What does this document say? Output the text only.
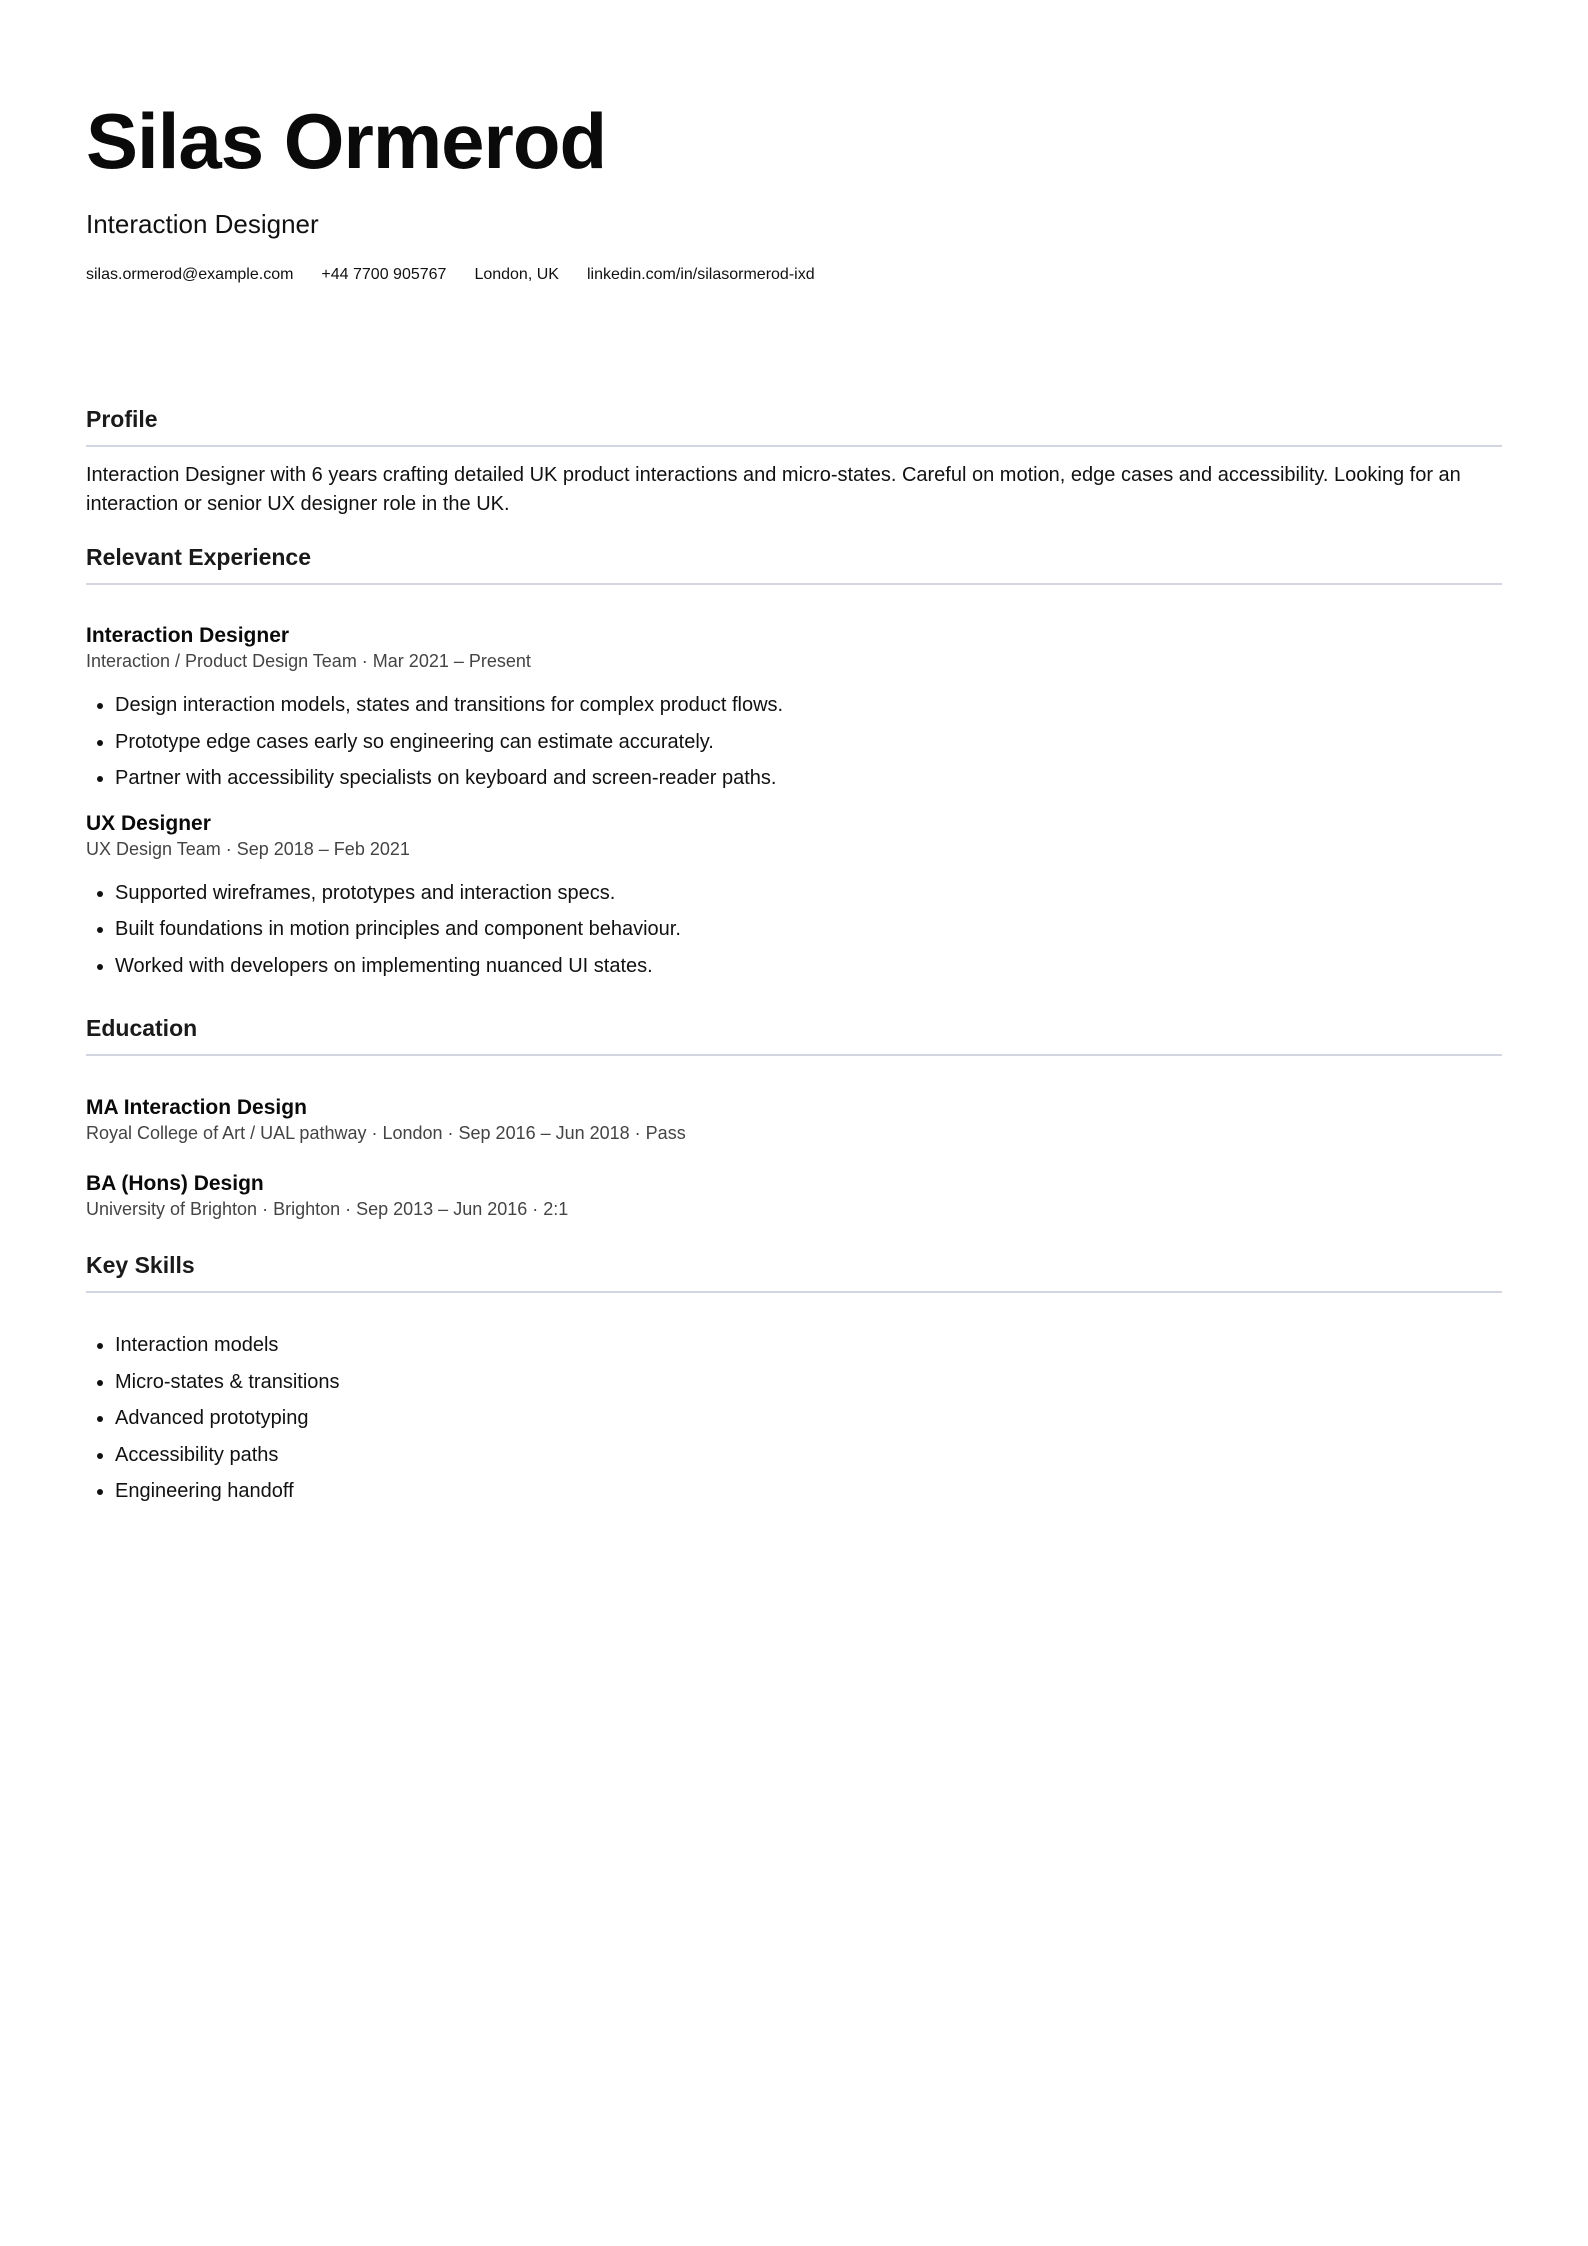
Silas Ormerod
Interaction Designer
silas.ormerod@example.com +44 7700 905767 London, UK linkedin.com/in/silasormerod-ixd
Profile

Interaction Designer with 6 years crafting detailed UK product interactions and micro-states. Careful on motion, edge cases and accessibility. Looking for an interaction or senior UX designer role in the UK.

Relevant Experience
Interaction Designer
Interaction / Product Design Team · Mar 2021 – Present
• Design interaction models, states and transitions for complex product flows.
• Prototype edge cases early so engineering can estimate accurately.
• Partner with accessibility specialists on keyboard and screen-reader paths.
UX Designer
UX Design Team · Sep 2018 – Feb 2021
• Supported wireframes, prototypes and interaction specs.
• Built foundations in motion principles and component behaviour.
• Worked with developers on implementing nuanced UI states.
Education
MA Interaction Design
Royal College of Art / UAL pathway · London · Sep 2016 – Jun 2018 · Pass
BA (Hons) Design
University of Brighton · Brighton · Sep 2013 – Jun 2016 · 2:1
Key Skills
• Interaction models
• Micro-states & transitions
• Advanced prototyping
• Accessibility paths
• Engineering handoff
